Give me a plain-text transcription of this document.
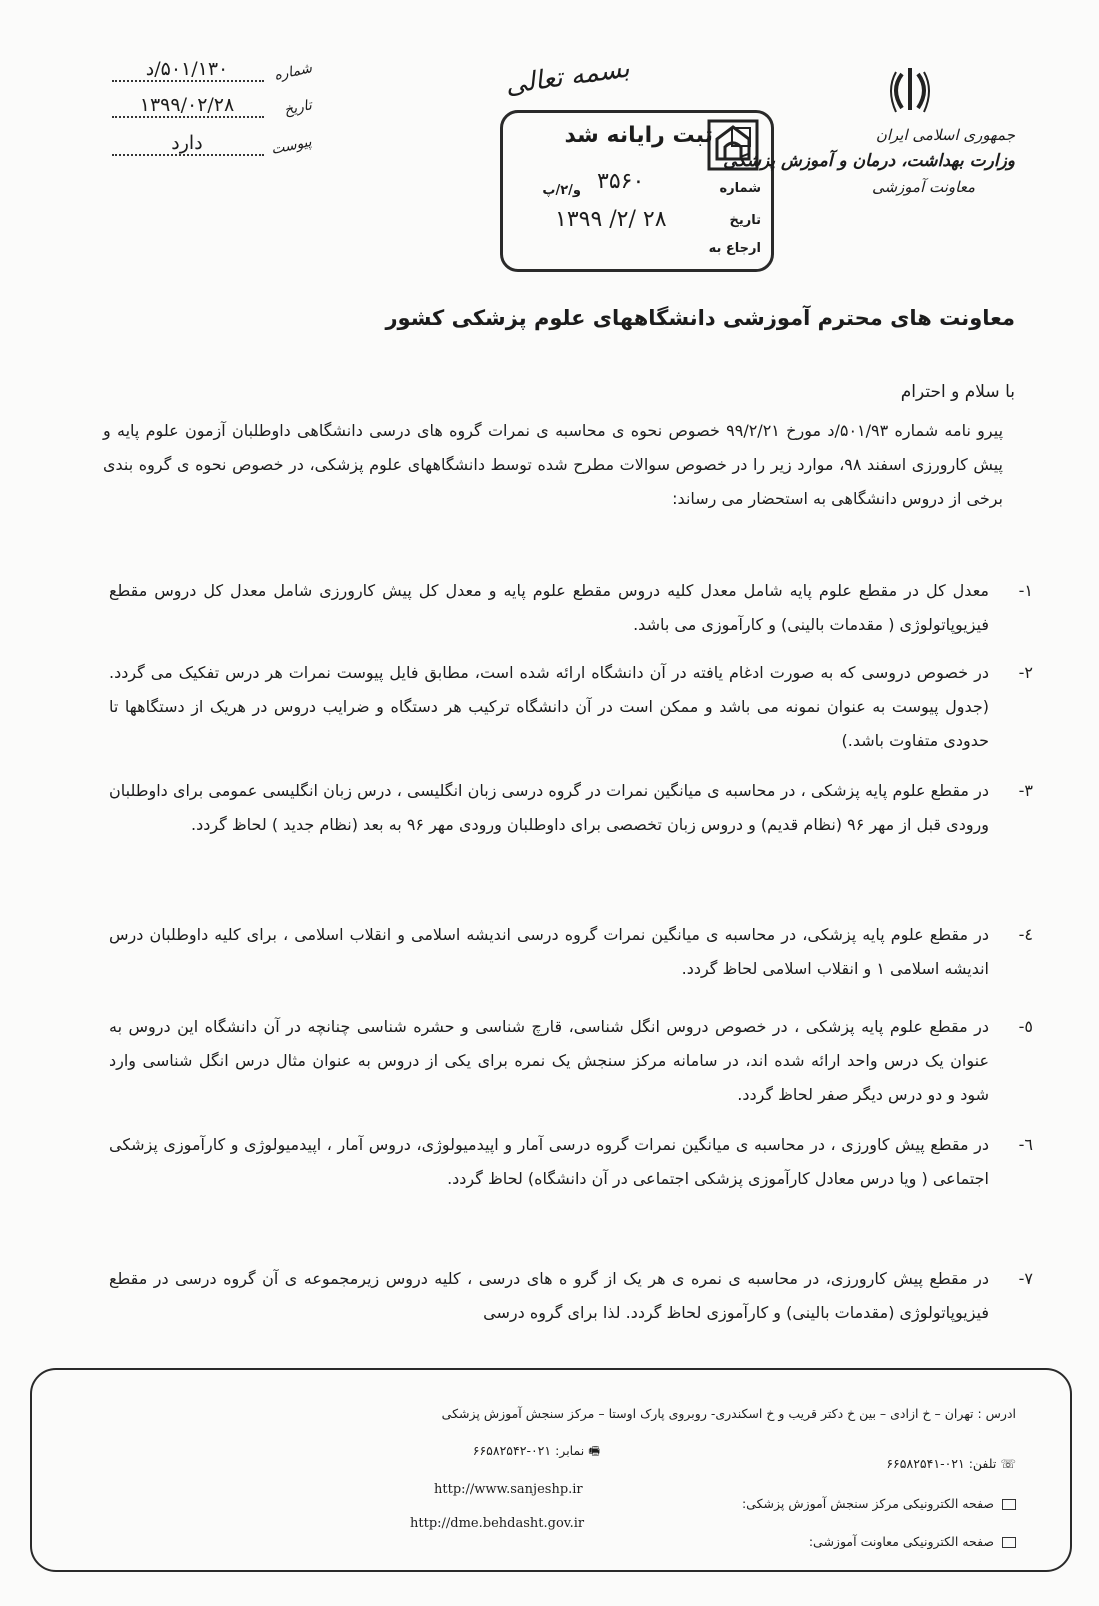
۵۰۱/۱۳۰/د	شماره
۱۳۹۹/۰۲/۲۸	تاریخ
دارد	پیوست
بسمه تعالی
ثبت رایانه شد
شماره
۳۵۶۰
و/۲/پ
تاریخ
۱۳۹۹ /۲/ ۲۸
ارجاع به
جمهوری اسلامی ایران
وزارت بهداشت، درمان و آموزش پزشکی
معاونت آموزشی
معاونت های محترم آموزشی دانشگاههای علوم پزشکی کشور
با سلام و احترام
پیرو نامه شماره ۵۰۱/۹۳/د مورخ ۹۹/۲/۲۱ خصوص نحوه ی محاسبه ی نمرات گروه های درسی دانشگاهی داوطلبان آزمون علوم پایه و پیش کارورزی اسفند ۹۸، موارد زیر را در خصوص سوالات مطرح شده توسط دانشگاههای علوم پزشکی، در خصوص نحوه ی گروه بندی برخی از دروس دانشگاهی به استحضار می رساند:
۱-
معدل کل در مقطع علوم پایه شامل معدل کلیه دروس مقطع علوم پایه و معدل کل پیش کارورزی شامل معدل کل دروس مقطع فیزیوپاتولوژی ( مقدمات بالینی) و کارآموزی می باشد.
۲-
در خصوص دروسی که به صورت ادغام یافته در آن دانشگاه ارائه شده است، مطابق فایل پیوست نمرات هر درس تفکیک می گردد.(جدول پیوست به عنوان نمونه می باشد و ممکن است در آن دانشگاه ترکیب هر دستگاه و ضرایب دروس در هریک از دستگاهها تا حدودی متفاوت باشد.)
۳-
در مقطع علوم پایه پزشکی ، در محاسبه ی میانگین نمرات در گروه درسی زبان انگلیسی ، درس زبان انگلیسی عمومی برای داوطلبان ورودی قبل از مهر ۹۶ (نظام قدیم) و دروس زبان تخصصی برای داوطلبان ورودی مهر ۹۶ به بعد (نظام جدید ) لحاظ گردد.
٤-
در مقطع علوم پایه پزشکی، در محاسبه ی میانگین نمرات گروه درسی اندیشه اسلامی و انقلاب اسلامی ، برای کلیه داوطلبان درس اندیشه اسلامی ۱ و انقلاب اسلامی لحاظ گردد.
٥-
در مقطع علوم پایه پزشکی ، در خصوص دروس انگل شناسی، قارچ شناسی و حشره شناسی چنانچه در آن دانشگاه این دروس به عنوان یک درس واحد ارائه شده اند، در سامانه مرکز سنجش یک نمره برای یکی از دروس به عنوان مثال درس انگل شناسی وارد شود و دو درس دیگر صفر لحاظ گردد.
٦-
در مقطع پیش کاورزی ، در محاسبه ی میانگین نمرات گروه درسی آمار و اپیدمیولوژی، دروس آمار ، اپیدمیولوژی و کارآموزی پزشکی اجتماعی ( ویا درس معادل کارآموزی پزشکی اجتماعی در آن دانشگاه) لحاظ گردد.
۷-
در مقطع پیش کارورزی، در محاسبه ی نمره ی هر یک از گرو ه های درسی ، کلیه دروس زیرمجموعه ی آن گروه درسی در مقطع فیزیوپاتولوژی (مقدمات بالینی) و کارآموزی لحاظ گردد. لذا برای گروه درسی
ادرس : تهران – خ ازادی – بین خ دکتر قریب و خ اسکندری- روبروی پارک اوستا – مرکز سنجش آموزش پزشکی
☏ تلفن: ۰۲۱-۶۶۵۸۲۵۴۱
🖷 نمابر: ۰۲۱-۶۶۵۸۲۵۴۲
صفحه الکترونیکی مرکز سنجش آموزش پزشکی:
http://www.sanjeshp.ir
صفحه الکترونیکی معاونت آموزشی:
http://dme.behdasht.gov.ir
